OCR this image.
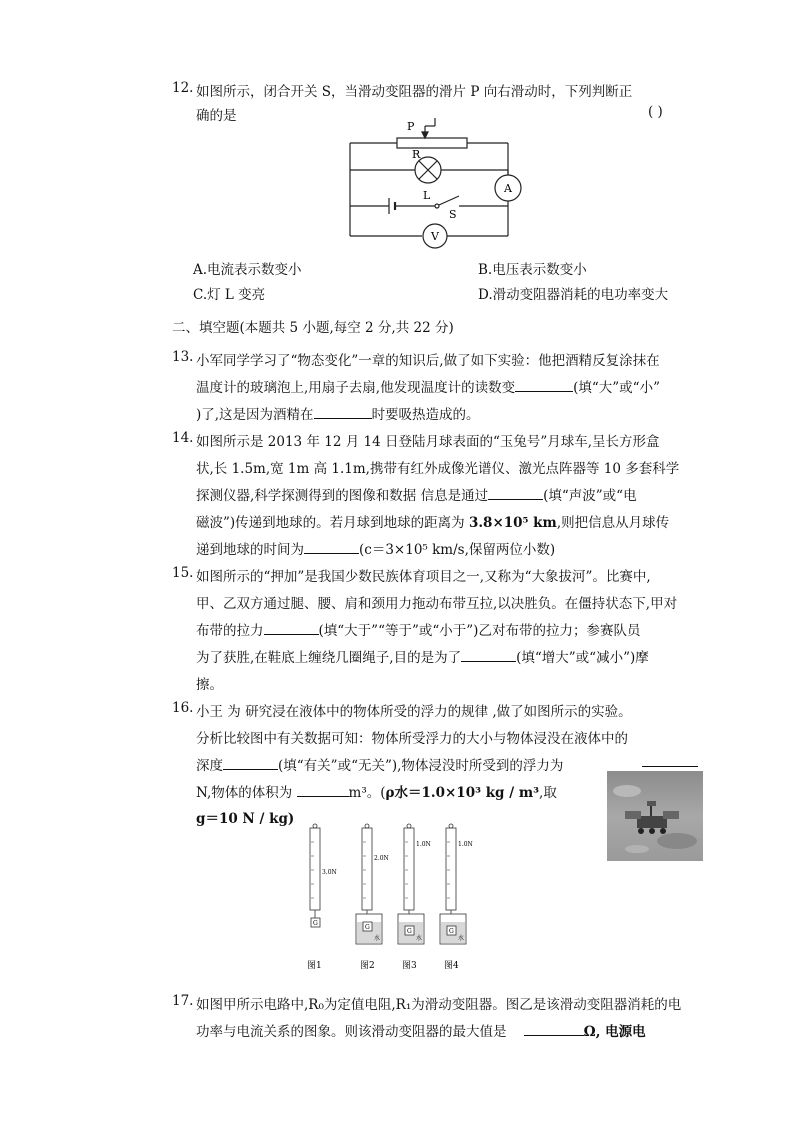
12. 如图所示，闭合开关 S，当滑动变阻器的滑片 P 向右滑动时，下列判断正
确的是	( )
P
R
L
S
A
V
A.电流表示数变小	B.电压表示数变小
C.灯 L 变亮	D.滑动变阻器消耗的电功率变大
二、填空题(本题共 5 小题,每空 2 分,共 22 分)
13. 小军同学学习了“物态变化”一章的知识后,做了如下实验：他把酒精反复涂抹在
温度计的玻璃泡上,用扇子去扇,他发现温度计的读数变	(填“大”或“小”
)了,这是因为酒精在	时要吸热造成的。
14. 如图所示是 2013 年 12 月 14 日登陆月球表面的“玉兔号”月球车,呈长方形盒
状,长 1.5m,宽 1m 高 1.1m,携带有红外成像光谱仪、激光点阵器等 10 多套科学
探测仪器,科学探测得到的图像和数据 信息是通过	(填“声波”或“电
磁波”)传递到地球的。若月球到地球的距离为 3.8×10⁵ km,则把信息从月球传
递到地球的时间为	(c＝3×10⁵ km/s,保留两位小数)
15. 如图所示的“押加”是我国少数民族体育项目之一,又称为“大象拔河”。比赛中,
甲、乙双方通过腿、腰、肩和颈用力拖动布带互拉,以决胜负。在僵持状态下,甲对
布带的拉力	(填“大于”“等于”或“小于”)乙对布带的拉力；参赛队员
为了获胜,在鞋底上缠绕几圈绳子,目的是为了	(填“增大”或“减小”)摩
擦。
16. 小王 为 研究浸在液体中的物体所受的浮力的规律 ,做了如图所示的实验。
分析比较图中有关数据可知：物体所受浮力的大小与物体浸没在液体中的
深度	(填“有关”或“无关”),物体浸没时所受到的浮力为
N,物体的体积为	m³。(ρ水＝1.0×10³ kg / m³,取
g＝10 N / kg)
3.0N
2.0N
1.0N	1.0N
G
G
G	G
水	水	水
图1	图2	图3	图4
17. 如图甲所示电路中,R₀为定值电阻,R₁为滑动变阻器。图乙是该滑动变阻器消耗的电
功率与电流关系的图象。则该滑动变阻器的最大值是	Ω, 电源电
